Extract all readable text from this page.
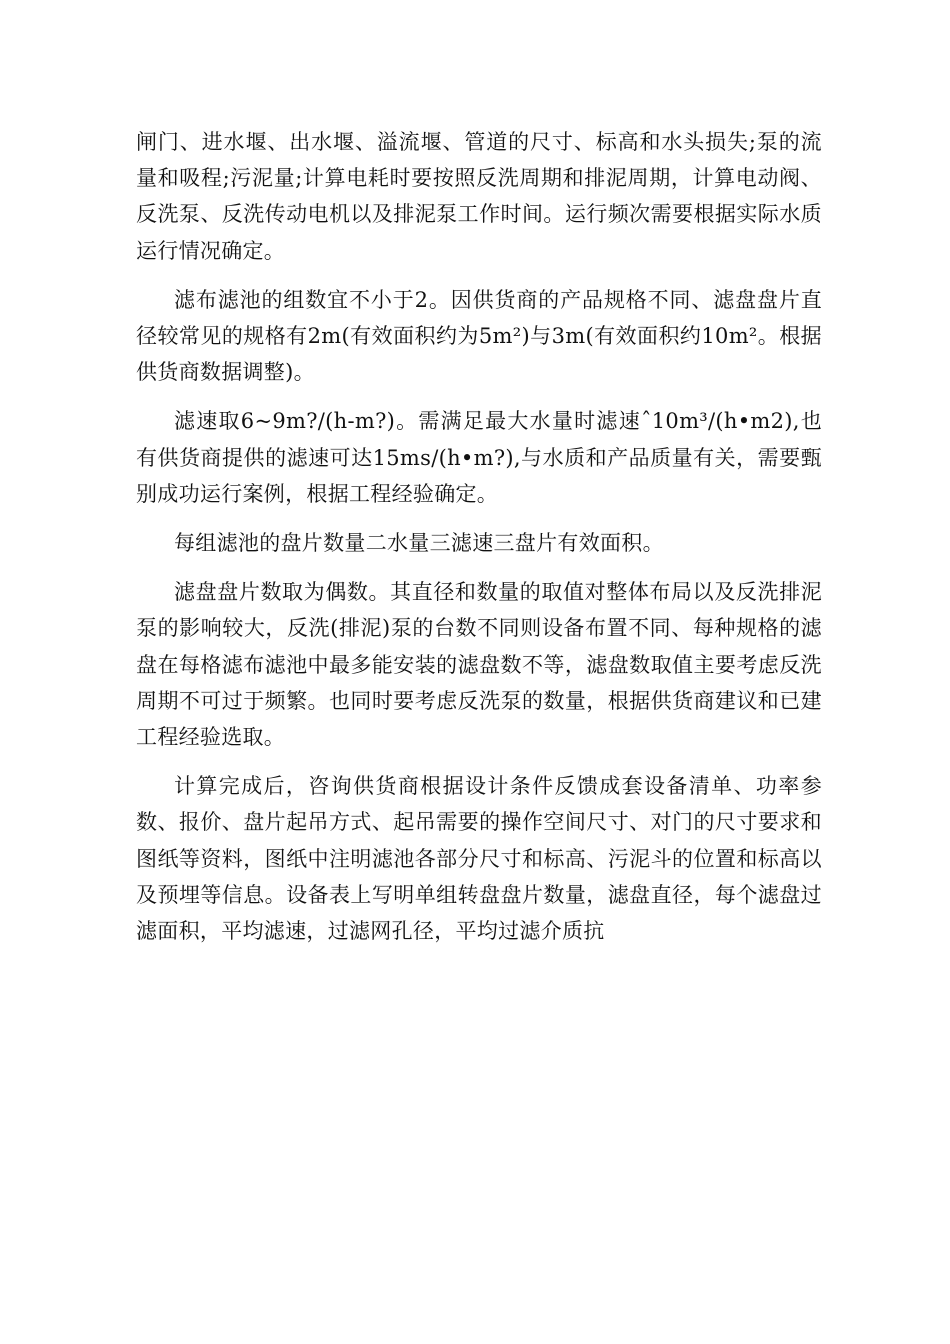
闸门、进水堰、出水堰、溢流堰、管道的尺寸、标高和水头损失;泵的流量和吸程;污泥量;计算电耗时要按照反洗周期和排泥周期，计算电动阀、反洗泵、反洗传动电机以及排泥泵工作时间。运行频次需要根据实际水质运行情况确定。

滤布滤池的组数宜不小于2。因供货商的产品规格不同、滤盘盘片直径较常见的规格有2m(有效面积约为5m²)与3m(有效面积约10m²。根据供货商数据调整)。

滤速取6~9m?/(h-m?)。需满足最大水量时滤速ˆ10m³/(h•m2),也有供货商提供的滤速可达15ms/(h•m?),与水质和产品质量有关，需要甄别成功运行案例，根据工程经验确定。

每组滤池的盘片数量二水量三滤速三盘片有效面积。

滤盘盘片数取为偶数。其直径和数量的取值对整体布局以及反洗排泥泵的影响较大，反洗(排泥)泵的台数不同则设备布置不同、每种规格的滤盘在每格滤布滤池中最多能安装的滤盘数不等，滤盘数取值主要考虑反洗周期不可过于频繁。也同时要考虑反洗泵的数量，根据供货商建议和已建工程经验选取。

计算完成后，咨询供货商根据设计条件反馈成套设备清单、功率参数、报价、盘片起吊方式、起吊需要的操作空间尺寸、对门的尺寸要求和图纸等资料，图纸中注明滤池各部分尺寸和标高、污泥斗的位置和标高以及预埋等信息。设备表上写明单组转盘盘片数量，滤盘直径，每个滤盘过滤面积，平均滤速，过滤网孔径，平均过滤介质抗
